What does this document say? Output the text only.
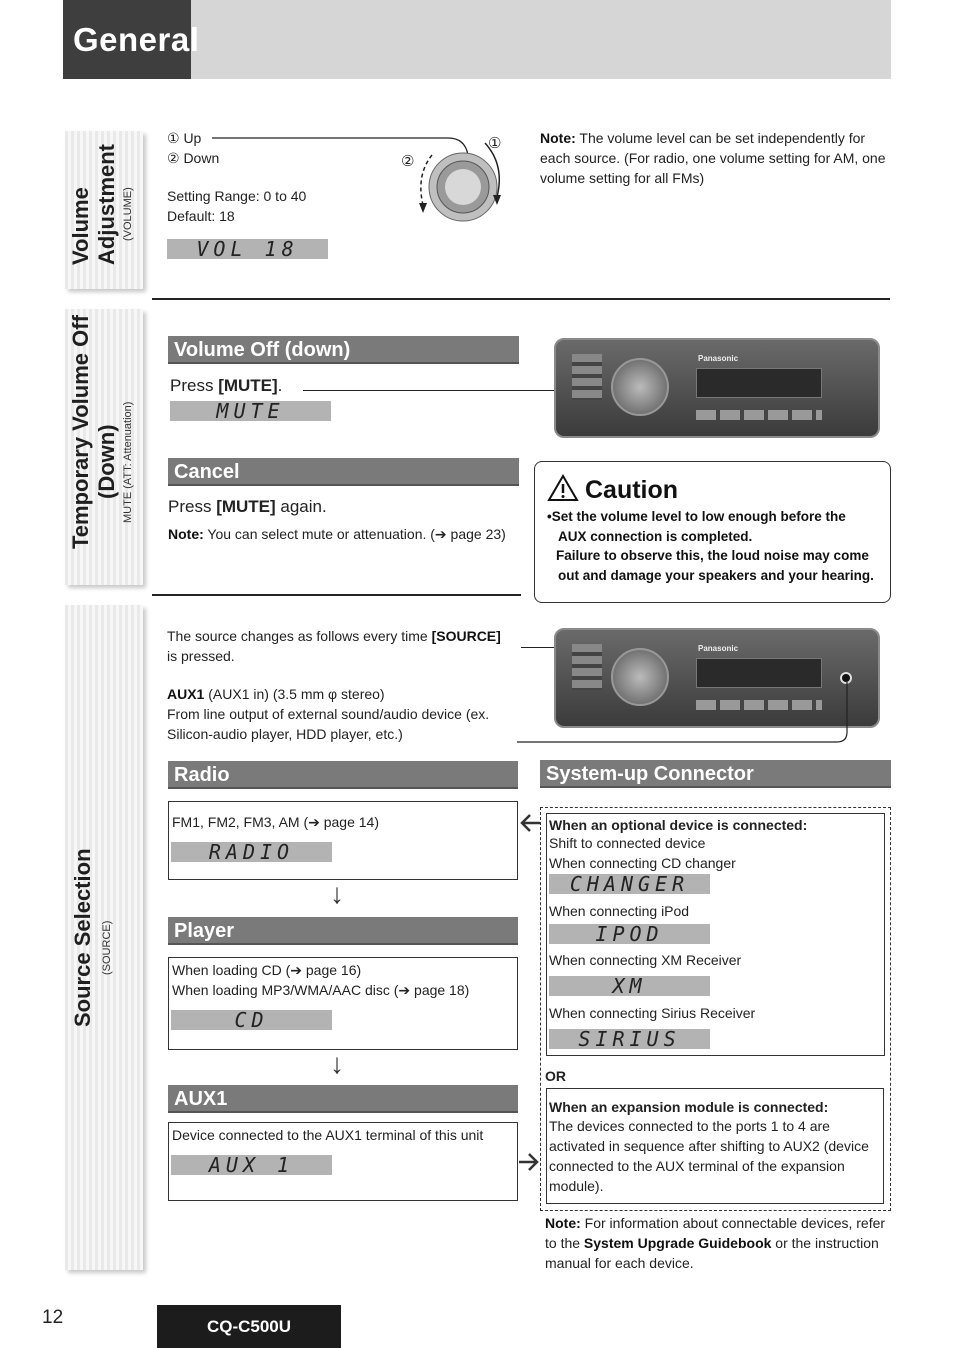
General
Volume Adjustment (VOLUME)
Temporary Volume Off (Down) MUTE (ATT: Attenuation)
Source Selection (SOURCE)
① Up
② Down
Setting Range: 0 to 40
Default: 18
VOL 18
①
②
Note: The volume level can be set independently for each source. (For radio, one volume setting for AM, one volume setting for all FMs)
Volume Off (down)
Press [MUTE].
MUTE
Cancel
Press [MUTE] again.
Note: You can select mute or attenuation. (➔ page 23)
Panasonic
Caution
•Set the volume level to low enough before the
AUX connection is completed.
Failure to observe this, the loud noise may come
out and damage your speakers and your hearing.
The source changes as follows every time [SOURCE]
is pressed.
AUX1 (AUX1 in) (3.5 mm φ stereo)
From line output of external sound/audio device (ex.
Silicon-audio player, HDD player, etc.)
Panasonic
Radio
FM1, FM2, FM3, AM (➔ page 14)
RADIO
↓
Player
When loading CD (➔ page 16)
When loading MP3/WMA/AAC disc (➔ page 18)
CD
↓
AUX1
Device connected to the AUX1 terminal of this unit
AUX 1
System-up Connector
When an optional device is connected:
Shift to connected device
When connecting CD changer
CHANGER
When connecting iPod
IPOD
When connecting XM Receiver
XM
When connecting Sirius Receiver
SIRIUS
OR
When an expansion module is connected:
The devices connected to the ports 1 to 4 are
activated in sequence after shifting to AUX2 (device
connected to the AUX terminal of the expansion
module).
Note: For information about connectable devices, refer
to the System Upgrade Guidebook or the instruction
manual for each device.
12	CQ-C500U
